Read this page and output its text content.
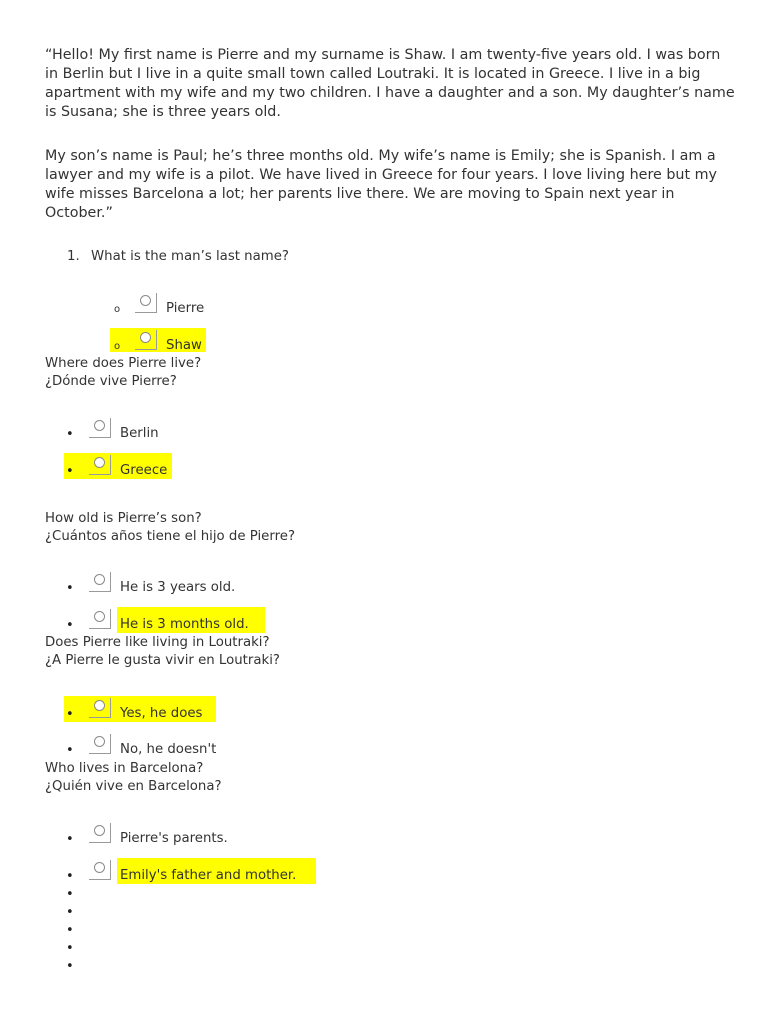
“Hello! My first name is Pierre and my surname is Shaw. I am twenty-five years old. I was born in Berlin but I live in a quite small town called Loutraki. It is located in Greece. I live in a big apartment with my wife and my two children. I have a daughter and a son. My daughter’s name is Susana; she is three years old.

My son’s name is Paul; he’s three months old. My wife’s name is Emily; she is Spanish. I am a lawyer and my wife is a pilot. We have lived in Greece for four years. I love living here but my wife misses Barcelona a lot; her parents live there. We are moving to Spain next year in October.”

1. What is the man’s last name?
o	Pierre
o	Shaw
Where does Pierre live?
¿Dónde vive Pierre?
•	Berlin
•	Greece
How old is Pierre’s son?
¿Cuántos años tiene el hijo de Pierre?
•	He is 3 years old.
•	He is 3 months old.
Does Pierre like living in Loutraki?
¿A Pierre le gusta vivir en Loutraki?
•	Yes, he does
•	No, he doesn't
Who lives in Barcelona?
¿Quién vive en Barcelona?
•	Pierre's parents.
•	Emily's father and mother.
•
•
•
•
•
